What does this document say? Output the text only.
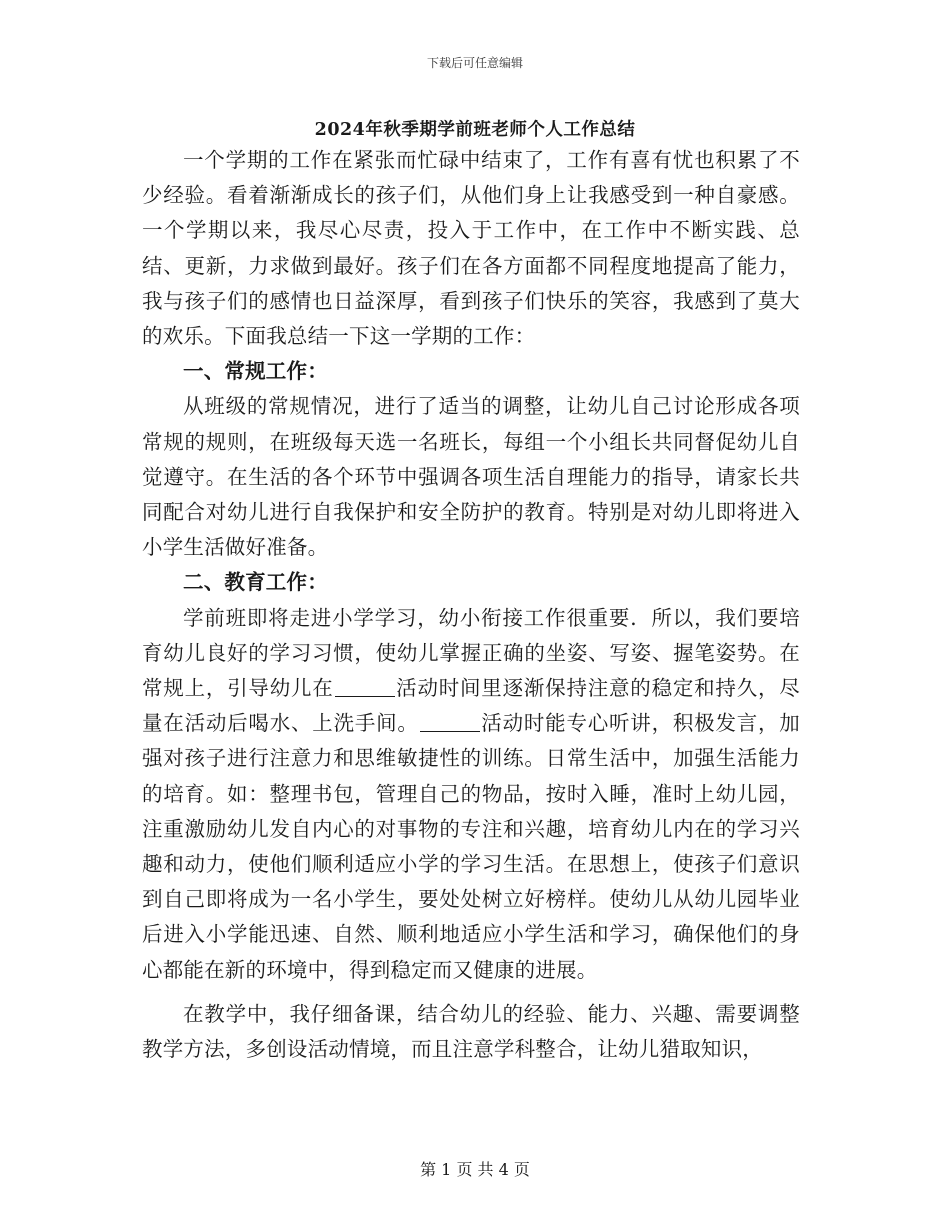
下载后可任意编辑
2024年秋季期学前班老师个人工作总结

一个学期的工作在紧张而忙碌中结束了，工作有喜有忧也积累了不少经验。看着渐渐成长的孩子们，从他们身上让我感受到一种自豪感。一个学期以来，我尽心尽责，投入于工作中，在工作中不断实践、总结、更新，力求做到最好。孩子们在各方面都不同程度地提高了能力，我与孩子们的感情也日益深厚，看到孩子们快乐的笑容，我感到了莫大的欢乐。下面我总结一下这一学期的工作：

一、常规工作：

从班级的常规情况，进行了适当的调整，让幼儿自己讨论形成各项常规的规则，在班级每天选一名班长，每组一个小组长共同督促幼儿自觉遵守。在生活的各个环节中强调各项生活自理能力的指导，请家长共同配合对幼儿进行自我保护和安全防护的教育。特别是对幼儿即将进入小学生活做好准备。

二、教育工作：

学前班即将走进小学学习，幼小衔接工作很重要．所以，我们要培育幼儿良好的学习习惯，使幼儿掌握正确的坐姿、写姿、握笔姿势。在常规上，引导幼儿在	活动时间里逐渐保持注意的稳定和持久，尽量在活动后喝水、上洗手间。	活动时能专心听讲，积极发言，加强对孩子进行注意力和思维敏捷性的训练。日常生活中，加强生活能力的培育。如：整理书包，管理自己的物品，按时入睡，准时上幼儿园，注重激励幼儿发自内心的对事物的专注和兴趣，培育幼儿内在的学习兴趣和动力，使他们顺利适应小学的学习生活。在思想上，使孩子们意识到自己即将成为一名小学生，要处处树立好榜样。使幼儿从幼儿园毕业后进入小学能迅速、自然、顺利地适应小学生活和学习，确保他们的身心都能在新的环境中，得到稳定而又健康的进展。

在教学中，我仔细备课，结合幼儿的经验、能力、兴趣、需要调整教学方法，多创设活动情境，而且注意学科整合，让幼儿猎取知识，

第 1 页 共 4 页
